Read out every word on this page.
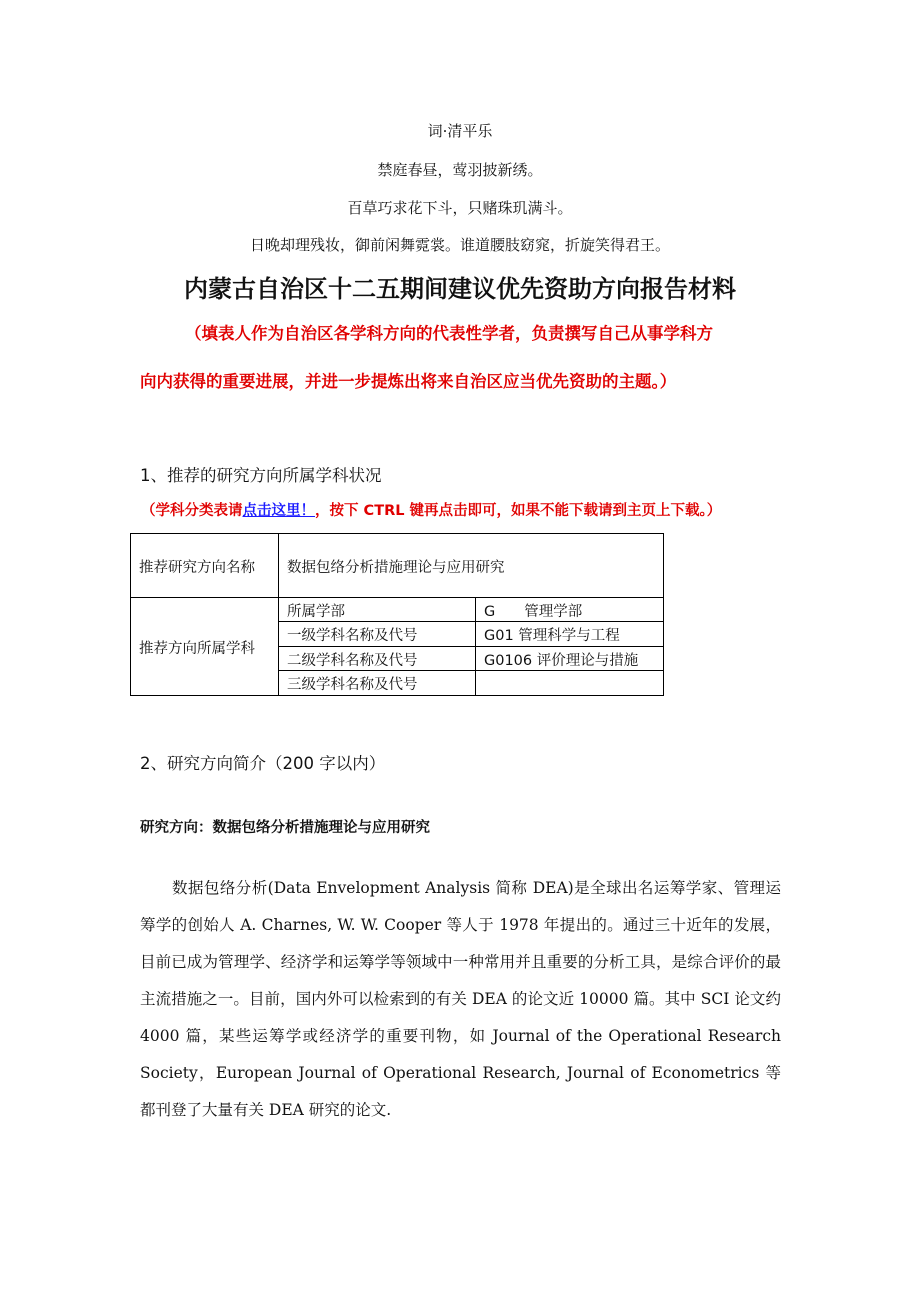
词·清平乐
禁庭春昼，莺羽披新绣。
百草巧求花下斗，只赌珠玑满斗。
日晚却理残妆，御前闲舞霓裳。谁道腰肢窈窕，折旋笑得君王。
内蒙古自治区十二五期间建议优先资助方向报告材料
（填表人作为自治区各学科方向的代表性学者，负责撰写自己从事学科方
向内获得的重要进展，并进一步提炼出将来自治区应当优先资助的主题。）
1、推荐的研究方向所属学科状况
（学科分类表请点击这里！，按下 CTRL 键再点击即可，如果不能下载请到主页上下载。）
推荐研究方向名称	数据包络分析措施理论与应用研究
推荐方向所属学科
所属学部	G　　管理学部
一级学科名称及代号	G01 管理科学与工程
二级学科名称及代号	G0106 评价理论与措施
三级学科名称及代号
2、研究方向简介（200 字以内）
研究方向：数据包络分析措施理论与应用研究
数据包络分析(Data Envelopment Analysis 简称 DEA)是全球出名运筹学家、管理运筹学的创始人 A. Charnes, W. W. Cooper 等人于 1978 年提出的。通过三十近年的发展，目前已成为管理学、经济学和运筹学等领域中一种常用并且重要的分析工具，是综合评价的最主流措施之一。目前，国内外可以检索到的有关 DEA 的论文近 10000 篇。其中 SCI 论文约 4000 篇，某些运筹学或经济学的重要刊物，如 Journal of the Operational Research Society，European Journal of Operational Research, Journal of Econometrics 等都刊登了大量有关 DEA 研究的论文.
